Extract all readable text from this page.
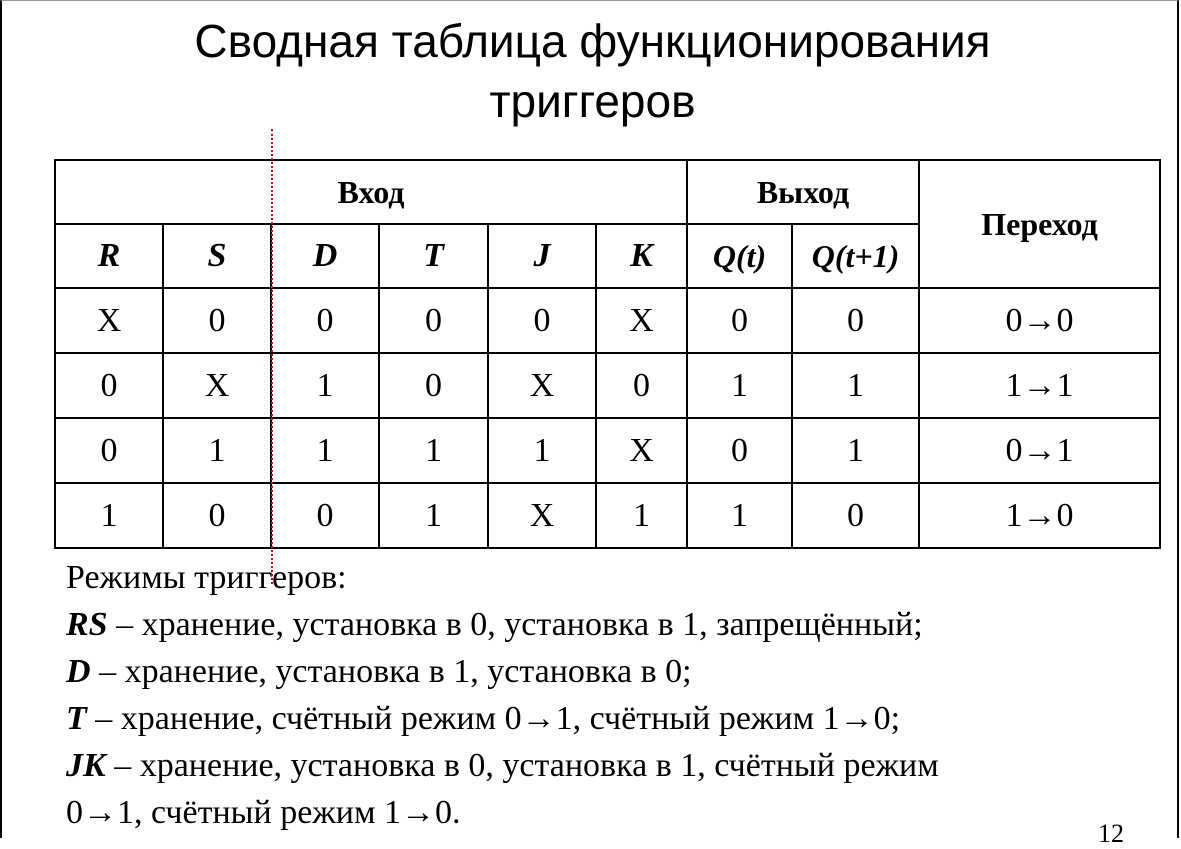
Сводная таблица функционирования
триггеров
Вход						Выход		Переход
R	S	D	T	J	K	Q(t)	Q(t+1)	
X	0	0	0	0	X	0	0	0→0
0	X	1	0	X	0	1	1	1→1
0	1	1	1	1	X	0	1	0→1
1	0	0	1	X	1	1	0	1→0
Режимы триггеров:
RS – хранение, установка в 0, установка в 1, запрещённый;
D – хранение, установка в 1, установка в 0;
T – хранение, счётный режим 0→1, счётный режим 1→0;
JK – хранение, установка в 0, установка в 1, счётный режим
0→1, счётный режим 1→0.
12
